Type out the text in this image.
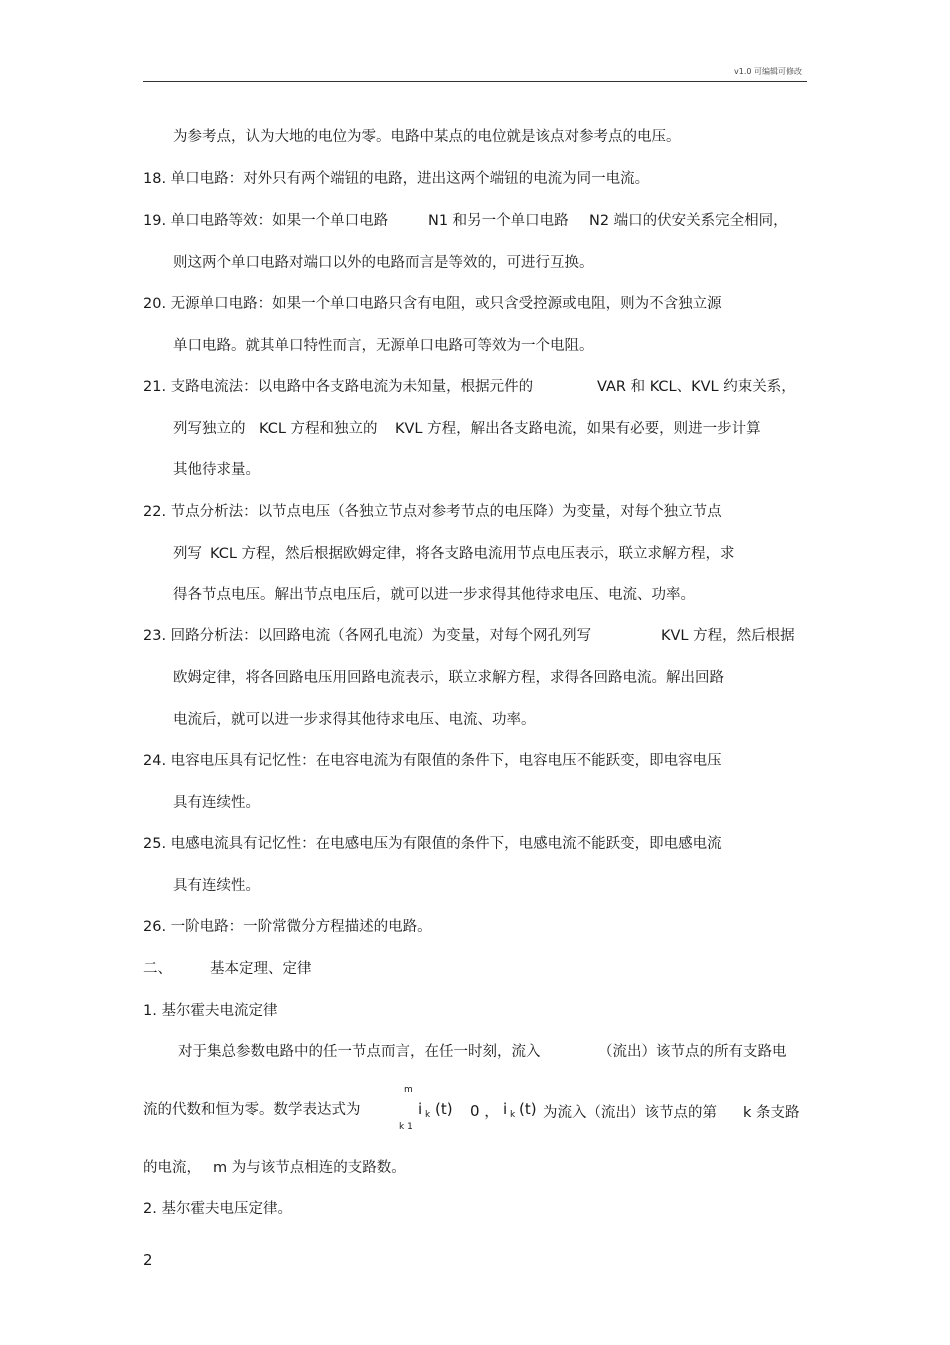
v1.0 可编辑可修改
为参考点，认为大地的电位为零。电路中某点的电位就是该点对参考点的电压。
18. 单口电路：对外只有两个端钮的电路，进出这两个端钮的电流为同一电流。
19. 单口电路等效：如果一个单口电路	N1 和另一个单口电路 N2 端口的伏安关系完全相同，
则这两个单口电路对端口以外的电路而言是等效的，可进行互换。
20. 无源单口电路：如果一个单口电路只含有电阻，或只含受控源或电阻，则为不含独立源
单口电路。就其单口特性而言，无源单口电路可等效为一个电阻。
21. 支路电流法：以电路中各支路电流为未知量，根据元件的	VAR 和 KCL、KVL 约束关系，
列写独立的 KCL 方程和独立的 KVL 方程，解出各支路电流，如果有必要，则进一步计算
其他待求量。
22. 节点分析法：以节点电压（各独立节点对参考节点的电压降）为变量，对每个独立节点
列写 KCL 方程，然后根据欧姆定律，将各支路电流用节点电压表示，联立求解方程，求
得各节点电压。解出节点电压后，就可以进一步求得其他待求电压、电流、功率。
23. 回路分析法：以回路电流（各网孔电流）为变量，对每个网孔列写	KVL 方程，然后根据
欧姆定律，将各回路电压用回路电流表示，联立求解方程，求得各回路电流。解出回路
电流后，就可以进一步求得其他待求电压、电流、功率。
24. 电容电压具有记忆性：在电容电流为有限值的条件下，电容电压不能跃变，即电容电压
具有连续性。
25. 电感电流具有记忆性：在电感电压为有限值的条件下，电感电流不能跃变，即电感电流
具有连续性。
26. 一阶电路：一阶常微分方程描述的电路。
二、	基本定理、定律
1. 基尔霍夫电流定律
对于集总参数电路中的任一节点而言，在任一时刻，流入	（流出）该节点的所有支路电
流的代数和恒为零。数学表达式为
m
k 1
i k (t) 0 ， i k (t) 为流入（流出）该节点的第 k 条支路
的电流， m 为与该节点相连的支路数。
2. 基尔霍夫电压定律。
2
